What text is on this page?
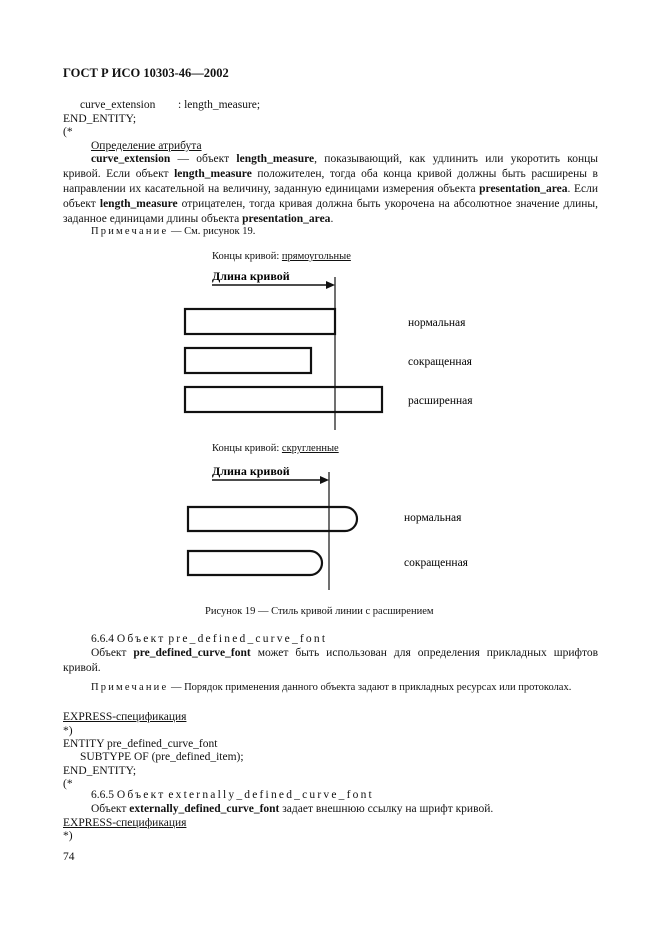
ГОСТ Р ИСО 10303-46—2002
curve_extension : length_measure;
END_ENTITY;
(*
Определение атрибута
curve_extension — объект length_measure, показывающий, как удлинить или укоротить концы кривой. Если объект length_measure положителен, тогда оба конца кривой должны быть расширены в направлении их касательной на величину, заданную единицами измерения объекта presentation_area. Если объект length_measure отрицателен, тогда кривая должна быть укорочена на абсолютное значение длины, заданное единицами длины объекта presentation_area.
Примечание — См. рисунок 19.
Концы кривой: прямоугольные
Длина кривой
нормальная
сокращенная
расширенная
Длина кривой
нормальная
сокращенная
Концы кривой: скругленные
Рисунок 19 — Стиль кривой линии с расширением
6.6.4 Объект pre_defined_curve_font
Объект pre_defined_curve_font может быть использован для определения прикладных шрифтов кривой.
Примечание — Порядок применения данного объекта задают в прикладных ресурсах или протоколах.
EXPRESS-спецификация
*)
ENTITY pre_defined_curve_font
SUBTYPE OF (pre_defined_item);
END_ENTITY;
(*
6.6.5 Объект externally_defined_curve_font
Объект externally_defined_curve_font задает внешнюю ссылку на шрифт кривой.
EXPRESS-спецификация
*)
74
